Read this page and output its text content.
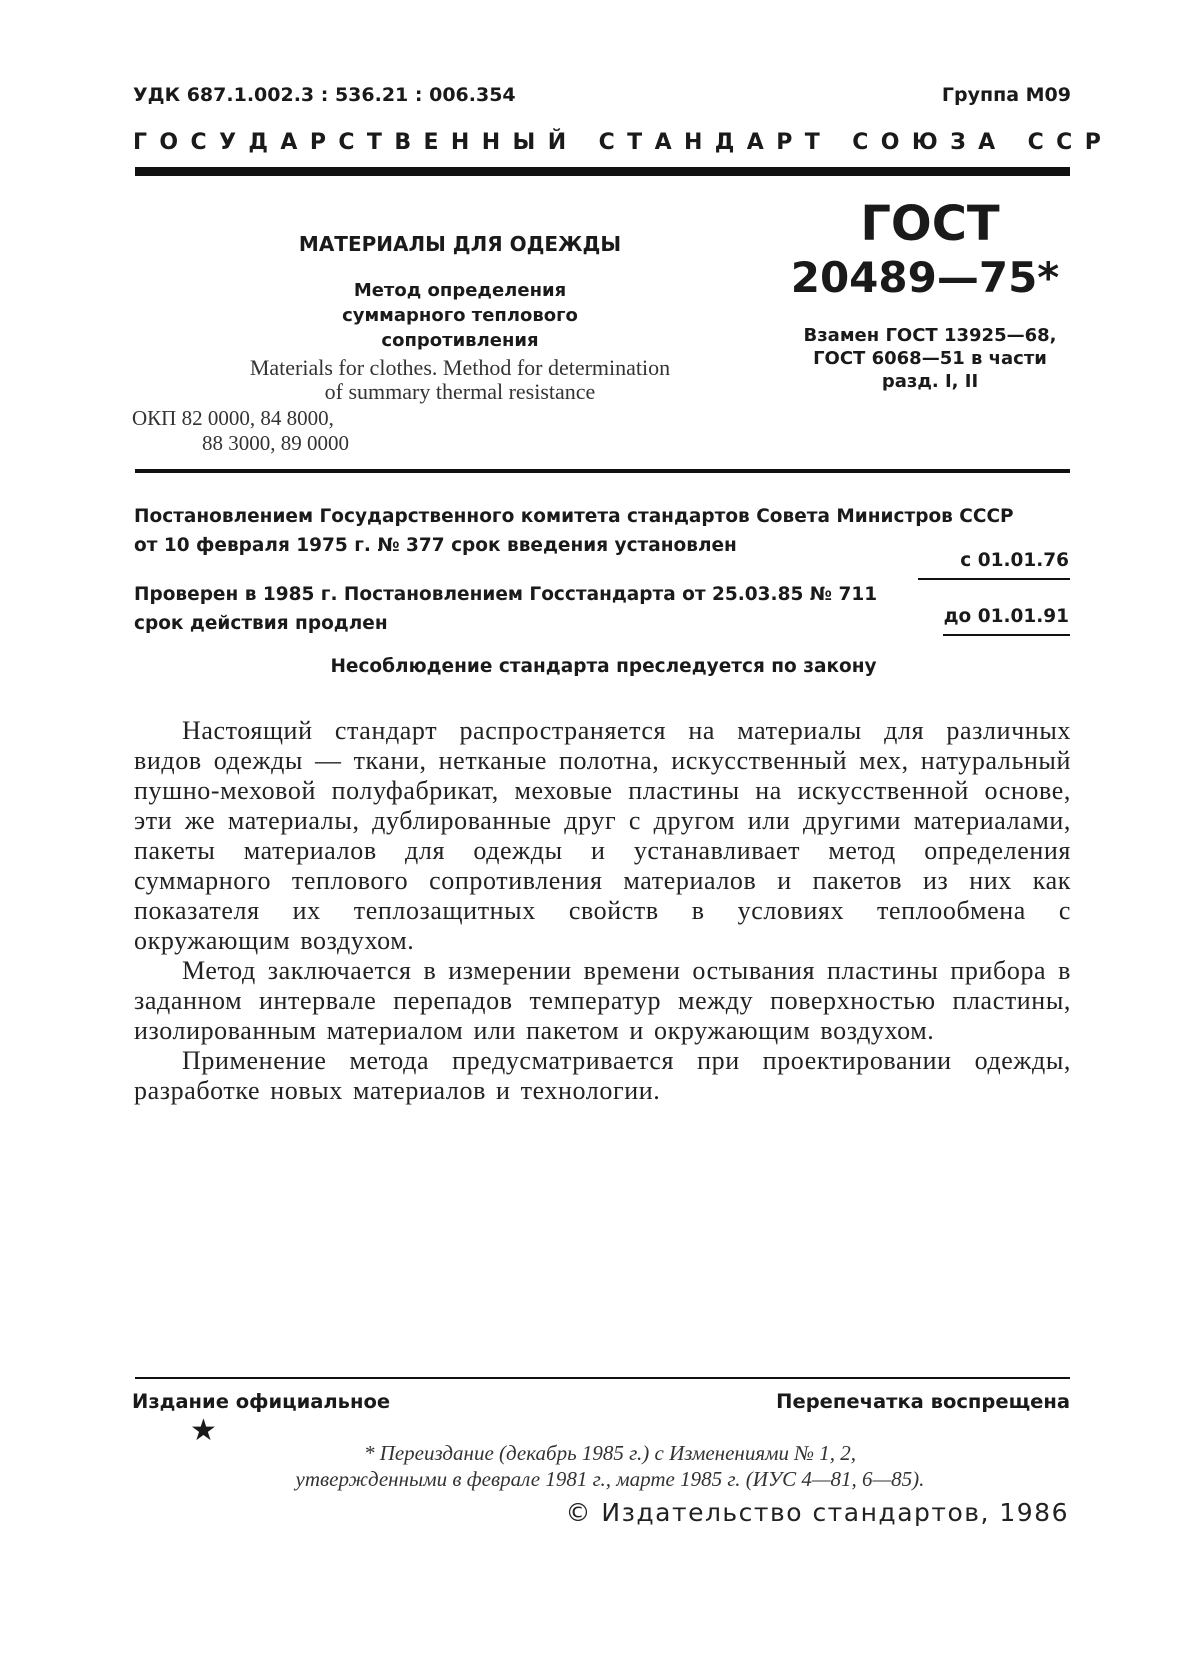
УДК 687.1.002.3 : 536.21 : 006.354	Группа М09
ГОСУДАРСТВЕННЫЙ СТАНДАРТ СОЮЗА ССР
МАТЕРИАЛЫ ДЛЯ ОДЕЖДЫ
Метод определения суммарного теплового сопротивления
Materials for clothes. Method for determination
of summary thermal resistance
ОКП 82 0000, 84 8000,
88 3000, 89 0000
ГОСТ
20489—75*
Взамен ГОСТ 13925—68, ГОСТ 6068—51 в части разд. I, II
Постановлением Государственного комитета стандартов Совета Министров СССР
от 10 февраля 1975 г. № 377 срок введения установлен
с 01.01.76
Проверен в 1985 г. Постановлением Госстандарта от 25.03.85 № 711
срок действия продлен	до 01.01.91
Несоблюдение стандарта преследуется по закону

Настоящий стандарт распространяется на материалы для различных видов одежды — ткани, нетканые полотна, искусственный мех, натуральный пушно-меховой полуфабрикат, меховые пластины на искусственной основе, эти же материалы, дублированные друг с другом или другими материалами, пакеты материалов для одежды и устанавливает метод определения суммарного теплового сопротивления материалов и пакетов из них как показателя их теплозащитных свойств в условиях теплообмена с окружающим воздухом.

Метод заключается в измерении времени остывания пластины прибора в заданном интервале перепадов температур между поверхностью пластины, изолированным материалом или пакетом и окружающим воздухом.

Применение метода предусматривается при проектировании одежды, разработке новых материалов и технологии.

Издание официальное	Перепечатка воспрещена
★
* Переиздание (декабрь 1985 г.) с Изменениями № 1, 2,
утвержденными в феврале 1981 г., марте 1985 г. (ИУС 4—81, 6—85).
© Издательство стандартов, 1986
